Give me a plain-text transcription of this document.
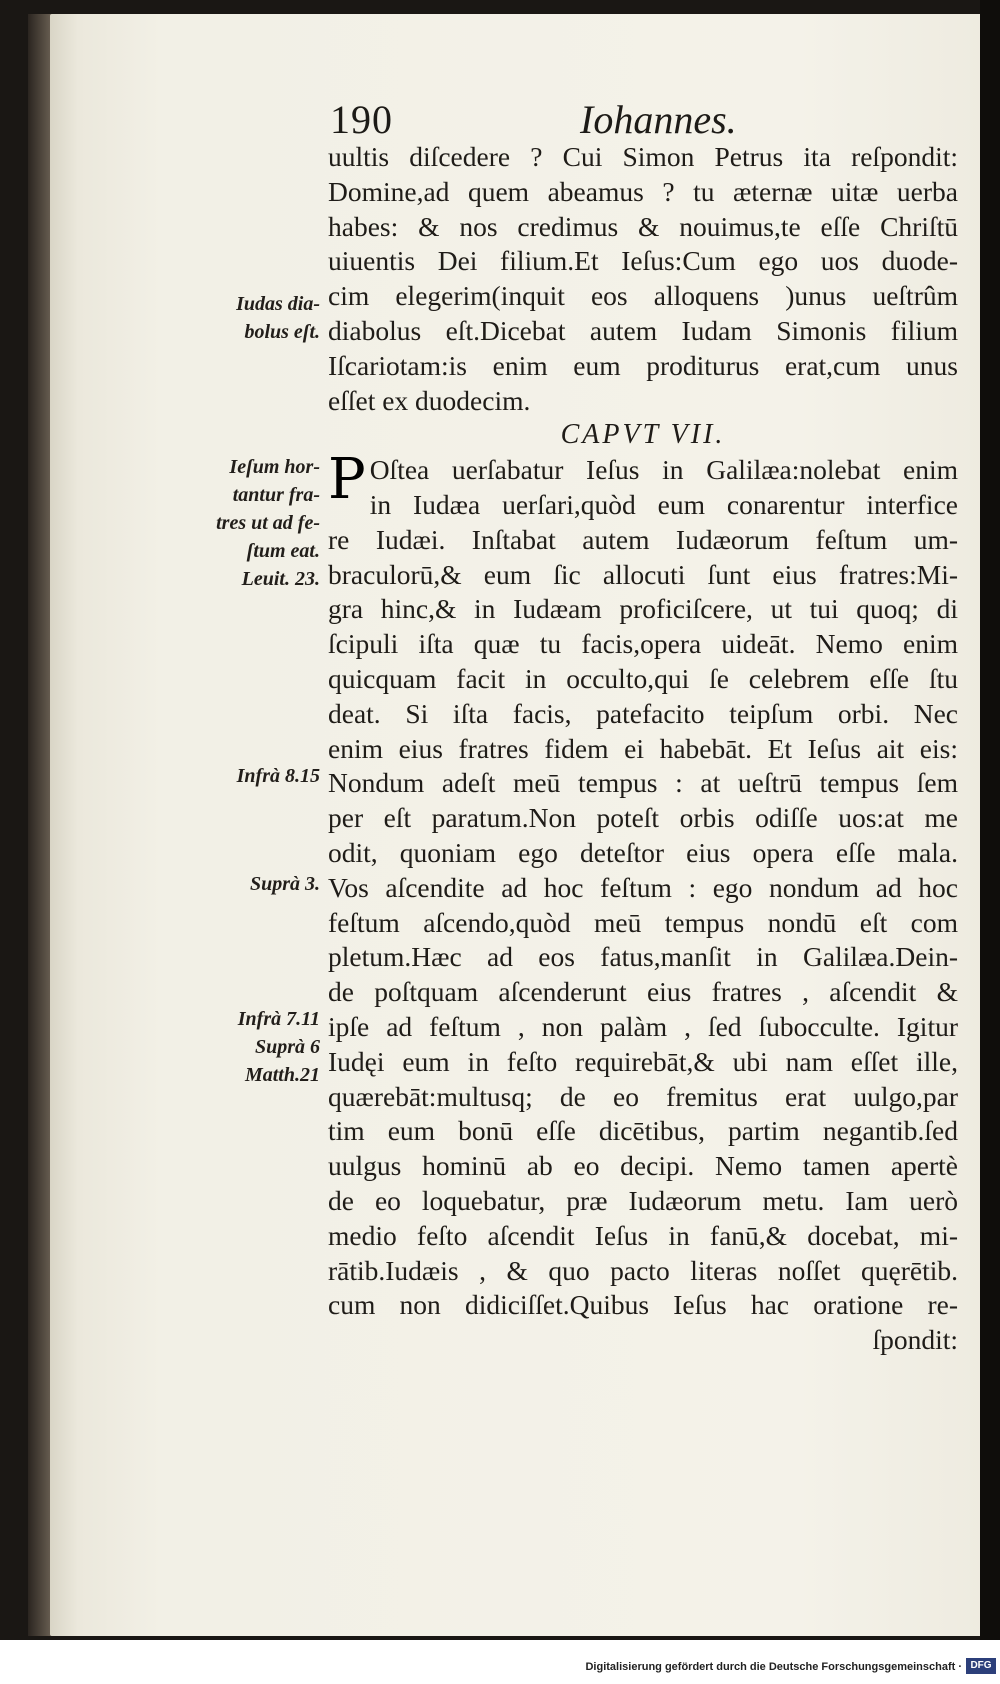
190	Iohannes.
uultis diſcedere ? Cui Simon Petrus ita reſpondit:
Domine,ad quem abeamus ? tu æternæ uitæ uerba
habes: & nos credimus & nouimus,te eſſe Chriſtū
uiuentis Dei filium.Et Ieſus:Cum ego uos duode-
cim elegerim(inquit eos alloquens )unus ueſtrûm
diabolus eſt.Dicebat autem Iudam Simonis filium
Iſcariotam:is enim eum proditurus erat,cum unus
eſſet ex duodecim.
CAPVT VII.
P Oſtea uerſabatur Ieſus in Galilæa:nolebat enim
in Iudæa uerſari,quòd eum conarentur interfice
re Iudæi. Inſtabat autem Iudæorum feſtum um-
braculorū,& eum ſic allocuti ſunt eius fratres:Mi-
gra hinc,& in Iudæam proficiſcere, ut tui quoq; di
ſcipuli iſta quæ tu facis,opera uideāt. Nemo enim
quicquam facit in occulto,qui ſe celebrem eſſe ſtu
deat. Si iſta facis, patefacito teipſum orbi. Nec
enim eius fratres fidem ei habebāt. Et Ieſus ait eis:
Nondum adeſt meū tempus : at ueſtrū tempus ſem
per eſt paratum.Non poteſt orbis odiſſe uos:at me
odit, quoniam ego deteſtor eius opera eſſe mala.
Vos aſcendite ad hoc feſtum : ego nondum ad hoc
feſtum aſcendo,quòd meū tempus nondū eſt com
pletum.Hæc ad eos fatus,manſit in Galilæa.Dein-
de poſtquam aſcenderunt eius fratres , aſcendit &
ipſe ad feſtum , non palàm , ſed ſubocculte. Igitur
Iudęi eum in feſto requirebāt,& ubi nam eſſet ille,
quærebāt:multusq; de eo fremitus erat uulgo,par
tim eum bonū eſſe dicētibus, partim negantib.ſed
uulgus hominū ab eo decipi. Nemo tamen apertè
de eo loquebatur, præ Iudæorum metu. Iam uerò
medio feſto aſcendit Ieſus in fanū,& docebat, mi-
rātib.Iudæis , & quo pacto literas noſſet quęrētib.
cum non didiciſſet.Quibus Ieſus hac oratione re-
ſpondit:
Iudas dia-
bolus eſt.
Ieſum hor-
tantur fra-
tres ut ad fe-
ſtum eat.
Leuit. 23.
Infrà 8.15
Suprà 3.
Infrà 7.11
Suprà 6
Matth.21
Digitalisierung gefördert durch die Deutsche Forschungsgemeinschaft · DFG
